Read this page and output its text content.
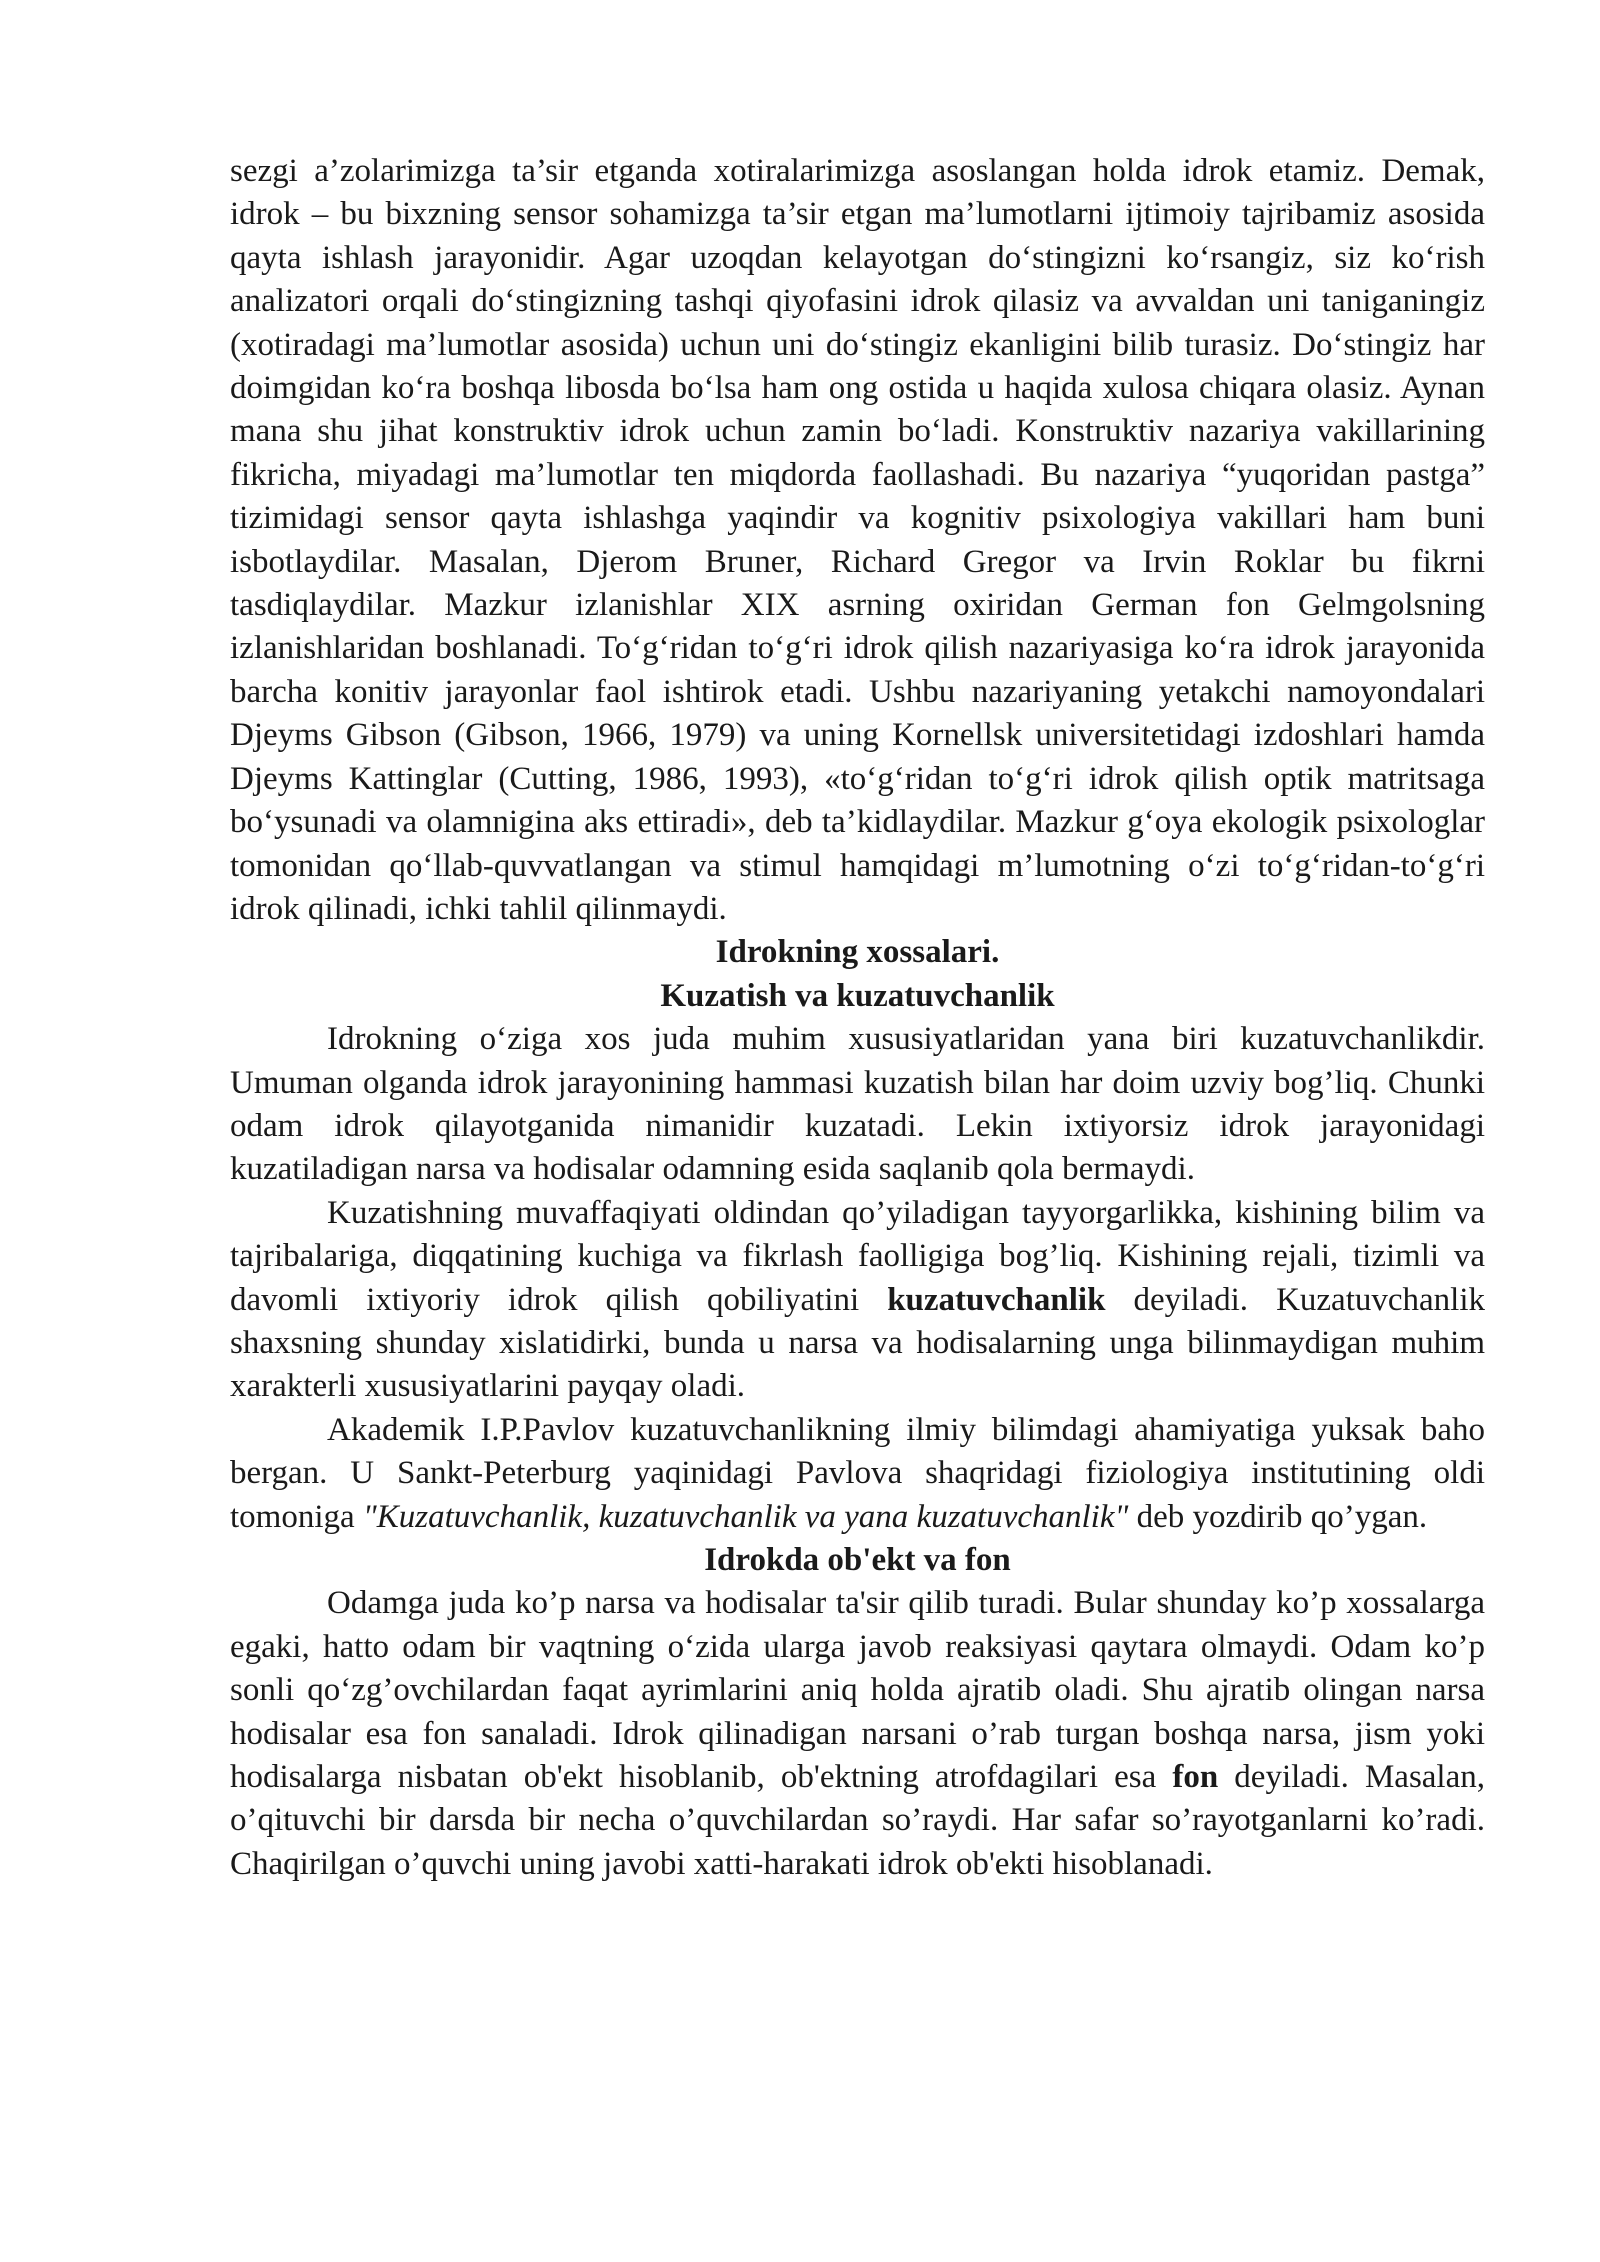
sezgi a’zolarimizga ta’sir etganda xotiralarimizga asoslangan holda idrok etamiz. Demak, idrok – bu bixzning sensor sohamizga ta’sir etgan ma’lumotlarni ijtimoiy tajribamiz asosida qayta ishlash jarayonidir. Agar uzoqdan kelayotgan do‘stingizni ko‘rsangiz, siz ko‘rish analizatori orqali do‘stingizning tashqi qiyofasini idrok qilasiz va avvaldan uni taniganingiz (xotiradagi ma’lumotlar asosida) uchun uni do‘stingiz ekanligini bilib turasiz. Do‘stingiz har doimgidan ko‘ra boshqa libosda bo‘lsa ham ong ostida u haqida xulosa chiqara olasiz. Aynan mana shu jihat konstruktiv idrok uchun zamin bo‘ladi. Konstruktiv nazariya vakillarining fikricha, miyadagi ma’lumotlar ten miqdorda faollashadi. Bu nazariya “yuqoridan pastga” tizimidagi sensor qayta ishlashga yaqindir va kognitiv psixologiya vakillari ham buni isbotlaydilar. Masalan, Djerom Bruner, Richard Gregor va Irvin Roklar bu fikrni tasdiqlaydilar. Mazkur izlanishlar XIX asrning oxiridan German fon Gelmgolsning izlanishlaridan boshlanadi. To‘g‘ridan to‘g‘ri idrok qilish nazariyasiga ko‘ra idrok jarayonida barcha konitiv jarayonlar faol ishtirok etadi. Ushbu nazariyaning yetakchi namoyondalari Djeyms Gibson (Gibson, 1966, 1979) va uning Kornellsk universitetidagi izdoshlari hamda Djeyms Kattinglar (Cutting, 1986, 1993), «to‘g‘ridan to‘g‘ri idrok qilish optik matritsaga bo‘ysunadi va olamnigina aks ettiradi», deb ta’kidlaydilar. Mazkur g‘oya ekologik psixologlar tomonidan qo‘llab-quvvatlangan va stimul hamqidagi m’lumotning o‘zi to‘g‘ridan-to‘g‘ri idrok qilinadi, ichki tahlil qilinmaydi.

Idrokning xossalari.
Kuzatish va kuzatuvchanlik

Idrokning o‘ziga xos juda muhim xususiyatlaridan yana biri kuzatuvchanlikdir. Umuman olganda idrok jarayonining hammasi kuzatish bilan har doim uzviy bog’liq. Chunki odam idrok qilayotganida nimanidir kuzatadi. Lekin ixtiyorsiz idrok jarayonidagi kuzatiladigan narsa va hodisalar odamning esida saqlanib qola bermaydi.

Kuzatishning muvaffaqiyati oldindan qo’yiladigan tayyorgarlikka, kishining bilim va tajribalariga, diqqatining kuchiga va fikrlash faolligiga bog’liq. Kishining rejali, tizimli va davomli ixtiyoriy idrok qilish qobiliyatini kuzatuvchanlik deyiladi. Kuzatuvchanlik shaxsning shunday xislatidirki, bunda u narsa va hodisalarning unga bilinmaydigan muhim xarakterli xususiyatlarini payqay oladi.

Akademik I.P.Pavlov kuzatuvchanlikning ilmiy bilimdagi ahamiyatiga yuksak baho bergan. U Sankt-Peterburg yaqinidagi Pavlova shaqridagi fiziologiya institutining oldi tomoniga "Kuzatuvchanlik, kuzatuvchanlik va yana kuzatuvchanlik" deb yozdirib qo’ygan.

Idrokda ob'ekt va fon

Odamga juda ko’p narsa va hodisalar ta'sir qilib turadi. Bular shunday ko’p xossalarga egaki, hatto odam bir vaqtning o‘zida ularga javob reaksiyasi qaytara olmaydi. Odam ko’p sonli qo‘zg’ovchilardan faqat ayrimlarini aniq holda ajratib oladi. Shu ajratib olingan narsa hodisalar esa fon sanaladi. Idrok qilinadigan narsani o’rab turgan boshqa narsa, jism yoki hodisalarga nisbatan ob'ekt hisoblanib, ob'ektning atrofdagilari esa fon deyiladi. Masalan, o’qituvchi bir darsda bir necha o’quvchilardan so’raydi. Har safar so’rayotganlarni ko’radi. Chaqirilgan o’quvchi uning javobi xatti-harakati idrok ob'ekti hisoblanadi.
